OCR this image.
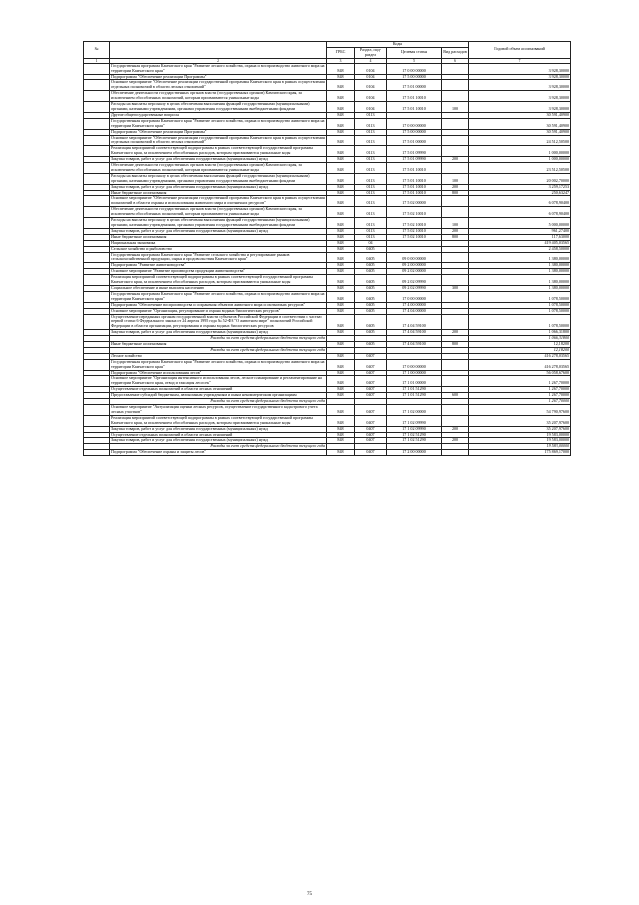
№		Коды				Годовой объем ассигнований
		ГРБС	Раздел, под-раздел	Целевая статья	Вид расходов	
1	2	3	4	5	6	7
	Государственная программа Камчатского края "Развитие лесного хозяйства, охрана и воспроизводство животного мира на территории Камчатского края"	848	0104	17 0 00 00000		3 928,30000
	Подпрограмма "Обеспечение реализации Программы"	848	0104	17 5 00 00000		3 928,30000
	Основное мероприятие "Обеспечение реализации государственной программы Камчатского края в рамках осуществления отдельных полномочий в области лесных отношений"	848	0104	17 5 01 00000		3 928,30000
	Обеспечение деятельности государственных органов власти (государственных органов) Камчатского края, за исключением обособленных полномочий, которым присваиваются уникальные коды	848	0104	17 5 01 10010		3 928,30000
	Расходы на выплаты персоналу в целях обеспечения выполнения функций государственными (муниципальными) органами, казенными учреждениями, органами управления государственными внебюджетными фондами	848	0104	17 5 01 10010	100	3 928,30000
	Другие общегосударственные вопросы	848	0113			30 591,40900
	Государственная программа Камчатского края "Развитие лесного хозяйства, охрана и воспроизводство животного мира на территории Камчатского края"	848	0113	17 0 00 00000		30 591,40900
	Подпрограмма "Обеспечение реализации Программы"	848	0113	17 5 00 00000		30 591,40900
	Основное мероприятие "Обеспечение реализации государственной программы Камчатского края в рамках осуществления отдельных полномочий в области лесных отношений"	848	0113	17 5 01 00000		24 512,50500
	Реализация мероприятий соответствующей подпрограммы в рамках соответствующей государственной программы Камчатского края, за исключением обособленных расходов, которым присваиваются уникальные коды	848	0113	17 5 01 09990		1 000,00000
	Закупка товаров, работ и услуг для обеспечения государственных (муниципальных) нужд	848	0113	17 5 01 09990	200	1 000,00000
	Обеспечение деятельности государственных органов власти (государственных органов) Камчатского края, за исключением обособленных полномочий, которым присваиваются уникальные коды	848	0113	17 5 01 10010		23 512,50500
	Расходы на выплаты персоналу в целях обеспечения выполнения функций государственными (муниципальными) органами, казенными учреждениями, органами управления государственными внебюджетными фондами	848	0113	17 5 01 10010	100	20 002,70000
	Закупка товаров, работ и услуг для обеспечения государственных (муниципальных) нужд	848	0113	17 5 01 10010	200	3 259,17253
	Иные бюджетные ассигнования	848	0113	17 5 01 10010	800	250,63247
	Основное мероприятие "Обеспечение реализации государственной программы Камчатского края в рамках осуществления полномочий в области охраны и использования животного мира и охотничьих ресурсов"	848	0113	17 5 02 00000		6 078,90400
	Обеспечение деятельности государственных органов власти (государственных органов) Камчатского края, за исключением обособленных полномочий, которым присваиваются уникальные коды	848	0113	17 5 02 10010		6 078,90400
	Расходы на выплаты персоналу в целях обеспечения выполнения функций государственными (муниципальными) органами, казенными учреждениями, органами управления государственными внебюджетными фондами	848	0113	17 5 02 10010	100	5 000,00000
	Закупка товаров, работ и услуг для обеспечения государственных (муниципальных) нужд	848	0113	17 5 02 10010	200	961,27400
	Иные бюджетные ассигнования	848	0113	17 5 02 10010	800	117,63000
	Национальная экономика	848	04			419 405,03565
	Сельское хозяйство и рыболовство	848	0405			2 458,50000
	Государственная программа Камчатского края "Развитие сельского хозяйства и регулирование рынков сельскохозяйственной продукции, сырья и продовольствия Камчатского края"	848	0405	09 0 00 00000		1 380,00000
	Подпрограмма "Развитие животноводства"	848	0405	09 2 00 00000		1 380,00000
	Основное мероприятие "Развитие производства продукции животноводства"	848	0405	09 2 02 00000		1 380,00000
	Реализация мероприятий соответствующей подпрограммы в рамках соответствующей государственной программы Камчатского края, за исключением обособленных расходов, которым присваиваются уникальные коды	848	0405	09 2 02 09990		1 380,00000
	Социальное обеспечение и иные выплаты населению	848	0405	09 2 02 09990	300	1 380,00000
	Государственная программа Камчатского края "Развитие лесного хозяйства, охрана и воспроизводство животного мира на территории Камчатского края"	848	0405	17 0 00 00000		1 078,50000
	Подпрограмма "Обеспечение воспроизводства и сохранения объектов животного мира и охотничьих ресурсов"	848	0405	17 4 00 00000		1 078,50000
	Основное мероприятие "Организация, регулирование и охрана водных биологических ресурсов"	848	0405	17 4 04 00000		1 078,50000
	Осуществление переданных органам государственной власти субъектов Российской Федерации в соответствии с частью первой статьи 6 Федерального закона от 24 апреля 1995 года № 52-ФЗ "О животном мире" полномочий Российской Федерации в области организации, регулирования и охраны водных биологических ресурсов	848	0405	17 4 04 59100		1 078,50000
	Закупка товаров, работ и услуг для обеспечения государственных (муниципальных) нужд	848	0405	17 4 04 59100	200	1 066,31800
	Расходы за счет средств федерального бюджета текущего года					1 066,31800
	Иные бюджетные ассигнования	848	0405	17 4 04 59100	800	12,18200
	Расходы за счет средств федерального бюджета текущего года					12,18200
	Лесное хозяйство	848	0407			416 278,03565
	Государственная программа Камчатского края "Развитие лесного хозяйства, охрана и воспроизводство животного мира на территории Камчатского края"	848	0407	17 0 00 00000		416 278,03565
	Подпрограмма "Обеспечение использования лесов"	848	0407	17 1 00 00000		56 058,67600
	Основное мероприятие "Организация интенсивного использования лесов, лесное планирование и регламентирование на территории Камчатского края, отвод и таксация лесосек"	848	0407	17 1 01 00000		1 267,70000
	Осуществление отдельных полномочий в области лесных отношений	848	0407	17 1 01 51290		1 267,70000
	Предоставление субсидий бюджетным, автономным учреждениям и иным некоммерческим организациям	848	0407	17 1 01 51290	600	1 267,70000
	Расходы за счет средств федерального бюджета текущего года					1 267,70000
	Основное мероприятие "Актуализация оценки лесных ресурсов, осуществление государственного кадастрового учета лесных участков"	848	0407	17 1 02 00000		54 790,97600
	Реализация мероприятий соответствующей подпрограммы в рамках соответствующей государственной программы Камчатского края, за исключением обособленных расходов, которым присваиваются уникальные коды	848	0407	17 1 02 09990		35 207,97600
	Закупка товаров, работ и услуг для обеспечения государственных (муниципальных) нужд	848	0407	17 1 02 09990	200	35 207,97600
	Осуществление отдельных полномочий в области лесных отношений	848	0407	17 1 02 51290		19 583,00000
	Закупка товаров, работ и услуг для обеспечения государственных (муниципальных) нужд	848	0407	17 1 02 51290	200	19 583,00000
	Расходы за счет средств федерального бюджета текущего года					19 583,00000
	Подпрограмма "Обеспечение охраны и защиты лесов"	848	0407	17 2 00 00000		175 869,17000
75
